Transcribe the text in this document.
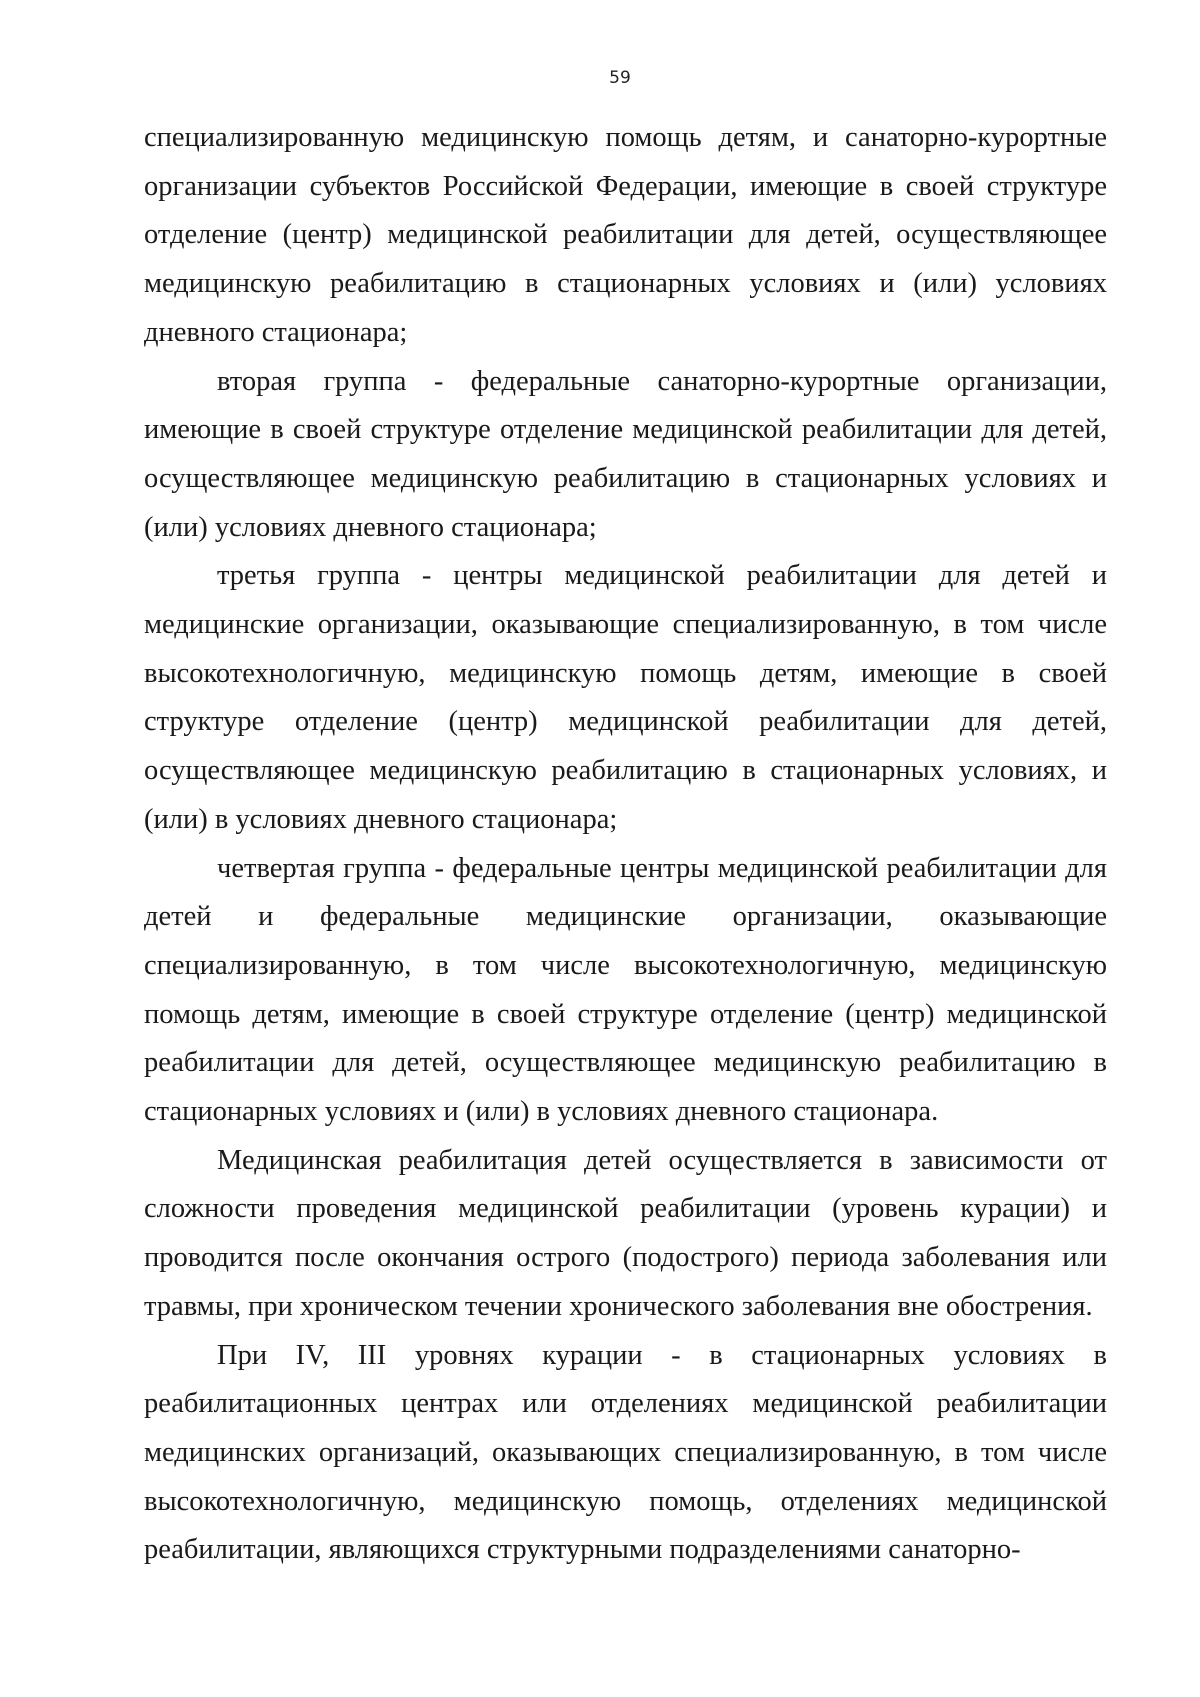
59

специализированную медицинскую помощь детям, и санаторно-курортные организации субъектов Российской Федерации, имеющие в своей структуре отделение (центр) медицинской реабилитации для детей, осуществляющее медицинскую реабилитацию в стационарных условиях и (или) условиях дневного стационара;

вторая группа - федеральные санаторно-курортные организации, имеющие в своей структуре отделение медицинской реабилитации для детей, осуществляющее медицинскую реабилитацию в стационарных условиях и (или) условиях дневного стационара;

третья группа - центры медицинской реабилитации для детей и медицинские организации, оказывающие специализированную, в том числе высокотехнологичную, медицинскую помощь детям, имеющие в своей структуре отделение (центр) медицинской реабилитации для детей, осуществляющее медицинскую реабилитацию в стационарных условиях, и (или) в условиях дневного стационара;

четвертая группа - федеральные центры медицинской реабилитации для детей и федеральные медицинские организации, оказывающие специализированную, в том числе высокотехнологичную, медицинскую помощь детям, имеющие в своей структуре отделение (центр) медицинской реабилитации для детей, осуществляющее медицинскую реабилитацию в стационарных условиях и (или) в условиях дневного стационара.

Медицинская реабилитация детей осуществляется в зависимости от сложности проведения медицинской реабилитации (уровень курации) и проводится после окончания острого (подострого) периода заболевания или травмы, при хроническом течении хронического заболевания вне обострения.

При IV, III уровнях курации - в стационарных условиях в реабилитационных центрах или отделениях медицинской реабилитации медицинских организаций, оказывающих специализированную, в том числе высокотехнологичную, медицинскую помощь, отделениях медицинской реабилитации, являющихся структурными подразделениями санаторно-
